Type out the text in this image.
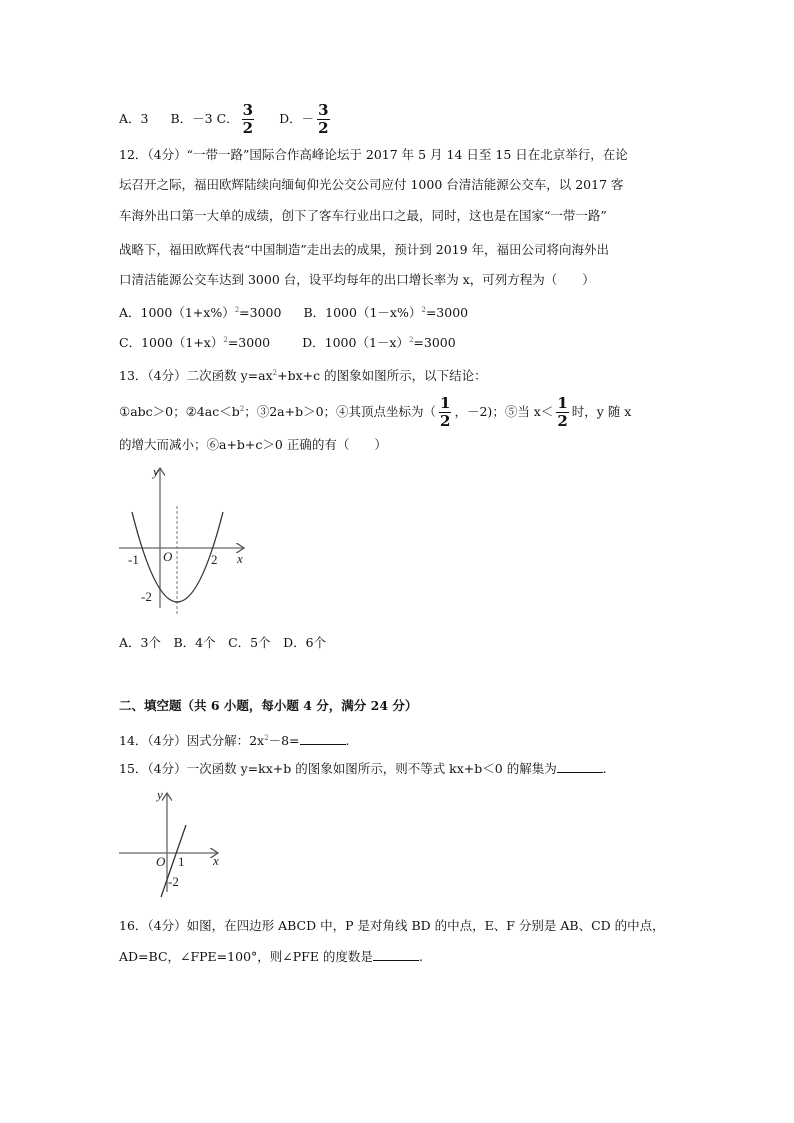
A．3 B．－3 C． $\frac{3}{2}$ D．－ $\frac{3}{2}$
12．（4分）“一带一路”国际合作高峰论坛于 2017 年 5 月 14 日至 15 日在北京举行，在论
坛召开之际，福田欧辉陆续向缅甸仰光公交公司应付 1000 台清洁能源公交车，以 2017 客
车海外出口第一大单的成绩，创下了客车行业出口之最，同时，这也是在国家“一带一路”
战略下，福田欧辉代表“中国制造”走出去的成果，预计到 2019 年，福田公司将向海外出
口清洁能源公交车达到 3000 台，设平均每年的出口增长率为 x，可列方程为（　　）
A．$1000(1+x\%)^2=3000$ B．$1000(1-x\%)^2=3000$
C．$1000(1+x)^2=3000$	D．$1000(1-x)^2=3000$
13．（4分）二次函数 $y=ax^2+bx+c$ 的图象如图所示，以下结论：
①abc＞0；$②4ac<b^2$；③2a+b＞0；④其顶点坐标为（ $\frac{1}{2}$ ，－2)；⑤当 $x< \frac{1}{2}$ 时，y 随 x
的增大而减小；⑥a+b+c＞0 正确的有（　　）
y
x
O
-1	2
-2
y
x
O 1
-2
A．3个　B．4个　C．5个　D．6个
二、填空题（共 6 小题，每小题 4 分，满分 24 分）
14．（4分）因式分解：$2x^2-8=$	.
15．（4分）一次函数 y=kx+b 的图象如图所示，则不等式 kx+b＜0 的解集为	.
16．（4分）如图，在四边形 ABCD 中，P 是对角线 BD 的中点，E、F 分别是 AB、CD 的中点，
AD=BC，∠FPE=100°，则∠PFE 的度数是	.
